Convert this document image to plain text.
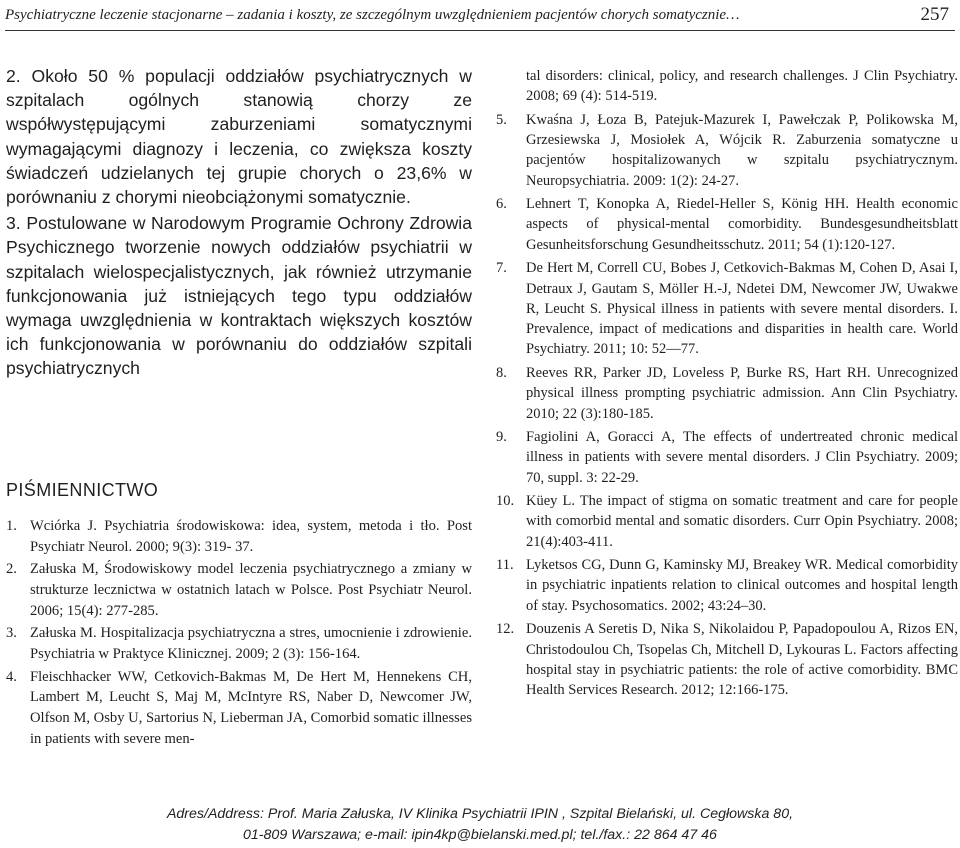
Psychiatryczne leczenie stacjonarne – zadania i koszty, ze szczególnym uwzględnieniem pacjentów chorych somatycznie…	257
2. Około 50 % populacji oddziałów psychiatrycznych w szpitalach ogólnych stanowią chorzy ze współwystępującymi zaburzeniami somatycznymi wymagającymi diagnozy i leczenia, co zwiększa koszty świadczeń udzielanych tej grupie chorych o 23,6% w porównaniu z chorymi nieobciążonymi somatycznie.
3. Postulowane w Narodowym Programie Ochrony Zdrowia Psychicznego tworzenie nowych oddziałów psychiatrii w szpitalach wielospecjalistycznych, jak również utrzymanie funkcjonowania już istniejących tego typu oddziałów wymaga uwzględnienia w kontraktach większych kosztów ich funkcjonowania w porównaniu do oddziałów szpitali psychiatrycznych
PIŚMIENNICTWO
1. Wciórka J. Psychiatria środowiskowa: idea, system, metoda i tło. Post Psychiatr Neurol. 2000; 9(3): 319- 37.
2. Załuska M, Środowiskowy model leczenia psychiatrycznego a zmiany w strukturze lecznictwa w ostatnich latach w Polsce. Post Psychiatr Neurol. 2006; 15(4): 277-285.
3. Załuska M. Hospitalizacja psychiatryczna a stres, umocnienie i zdrowienie. Psychiatria w Praktyce Klinicznej. 2009; 2 (3): 156-164.
4. Fleischhacker WW, Cetkovich-Bakmas M, De Hert M, Hennekens CH, Lambert M, Leucht S, Maj M, McIntyre RS, Naber D, Newcomer JW, Olfson M, Osby U, Sartorius N, Lieberman JA, Comorbid somatic illnesses in patients with severe men-
tal disorders: clinical, policy, and research challenges. J Clin Psychiatry. 2008; 69 (4): 514-519.
5. Kwaśna J, Łoza B, Patejuk-Mazurek I, Pawełczak P, Polikowska M, Grzesiewska J, Mosiołek A, Wójcik R. Zaburzenia somatyczne u pacjentów hospitalizowanych w szpitalu psychiatrycznym. Neuropsychiatria. 2009: 1(2): 24-27.
6. Lehnert T, Konopka A, Riedel-Heller S, König HH. Health economic aspects of physical-mental comorbidity. Bundesgesundheitsblatt Gesunheitsforschung Gesundheitsschutz. 2011; 54 (1):120-127.
7. De Hert M, Correll CU, Bobes J, Cetkovich-Bakmas M, Cohen D, Asai I, Detraux J, Gautam S, Möller H.-J, Ndetei DM, Newcomer JW, Uwakwe R, Leucht S. Physical illness in patients with severe mental disorders. I. Prevalence, impact of medications and disparities in health care. World Psychiatry. 2011; 10: 52—77.
8. Reeves RR, Parker JD, Loveless P, Burke RS, Hart RH. Unrecognized physical illness prompting psychiatric admission. Ann Clin Psychiatry. 2010; 22 (3):180-185.
9. Fagiolini A, Goracci A, The effects of undertreated chronic medical illness in patients with severe mental disorders. J Clin Psychiatry. 2009; 70, suppl. 3: 22-29.
10. Küey L. The impact of stigma on somatic treatment and care for people with comorbid mental and somatic disorders. Curr Opin Psychiatry. 2008; 21(4):403-411.
11. Lyketsos CG, Dunn G, Kaminsky MJ, Breakey WR. Medical comorbidity in psychiatric inpatients relation to clinical outcomes and hospital length of stay. Psychosomatics. 2002; 43:24–30.
12. Douzenis A Seretis D, Nika S, Nikolaidou P, Papadopoulou A, Rizos EN, Christodoulou Ch, Tsopelas Ch, Mitchell D, Lykouras L. Factors affecting hospital stay in psychiatric patients: the role of active comorbidity. BMC Health Services Research. 2012; 12:166-175.
Adres/Address: Prof. Maria Załuska, IV Klinika Psychiatrii IPIN , Szpital Bielański, ul. Cegłowska 80,
01-809 Warszawa; e-mail: ipin4kp@bielanski.med.pl; tel./fax.: 22 864 47 46
